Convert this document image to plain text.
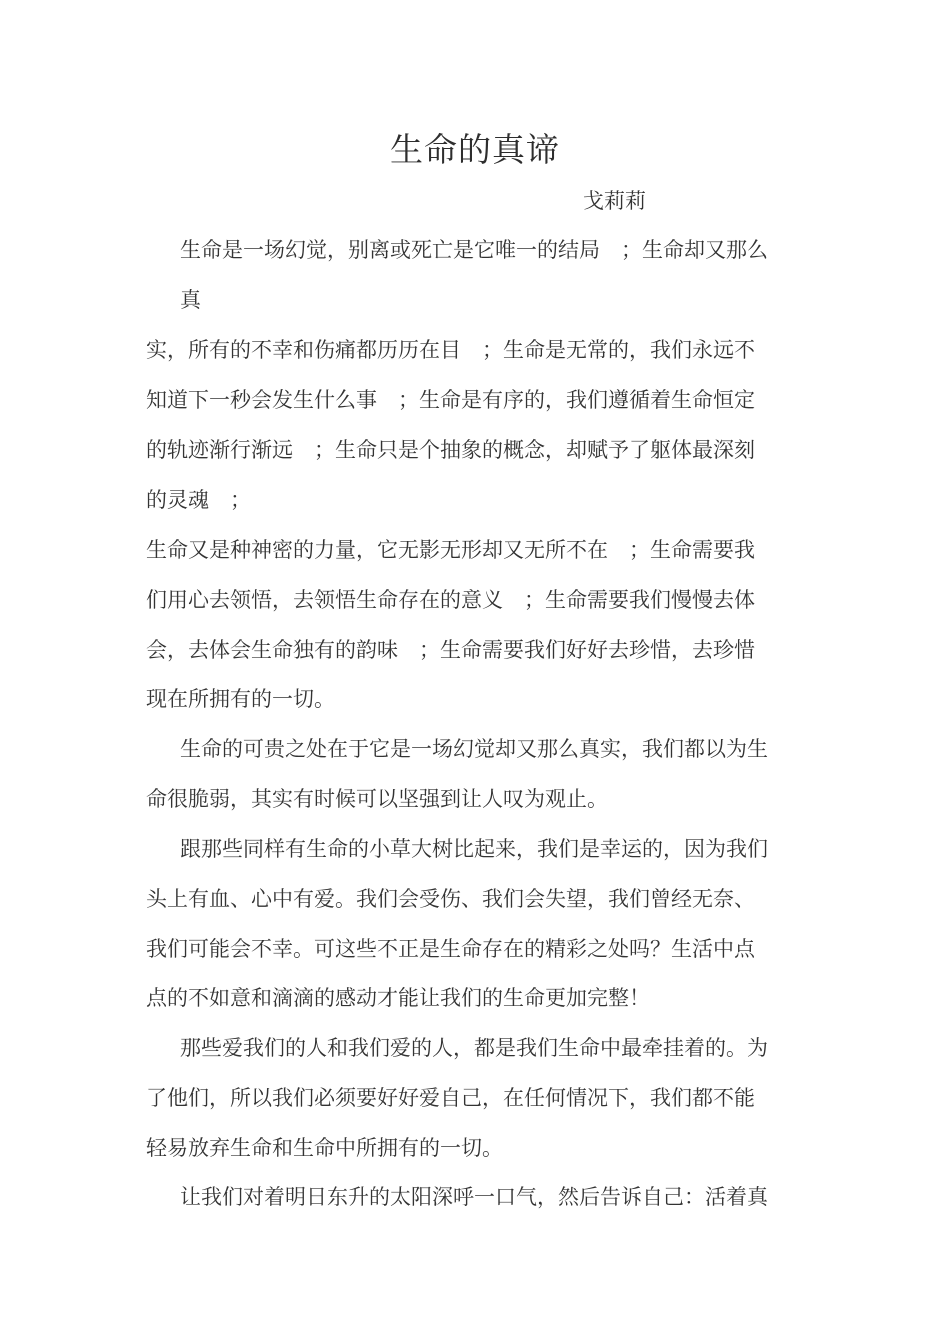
生命的真谛
戈莉莉
生命是一场幻觉，别离或死亡是它唯一的结局　；生命却又那么
真
实，所有的不幸和伤痛都历历在目　；生命是无常的，我们永远不
知道下一秒会发生什么事　；生命是有序的，我们遵循着生命恒定
的轨迹渐行渐远　；生命只是个抽象的概念，却赋予了躯体最深刻
的灵魂　；
生命又是种神密的力量，它无影无形却又无所不在　；生命需要我
们用心去领悟，去领悟生命存在的意义　；生命需要我们慢慢去体
会，去体会生命独有的韵味　；生命需要我们好好去珍惜，去珍惜
现在所拥有的一切。
生命的可贵之处在于它是一场幻觉却又那么真实，我们都以为生
命很脆弱，其实有时候可以坚强到让人叹为观止。
跟那些同样有生命的小草大树比起来，我们是幸运的，因为我们
头上有血、心中有爱。我们会受伤、我们会失望，我们曾经无奈、
我们可能会不幸。可这些不正是生命存在的精彩之处吗？生活中点
点的不如意和滴滴的感动才能让我们的生命更加完整！
那些爱我们的人和我们爱的人，都是我们生命中最牵挂着的。为
了他们，所以我们必须要好好爱自己，在任何情况下，我们都不能
轻易放弃生命和生命中所拥有的一切。
让我们对着明日东升的太阳深呼一口气，然后告诉自己：活着真
